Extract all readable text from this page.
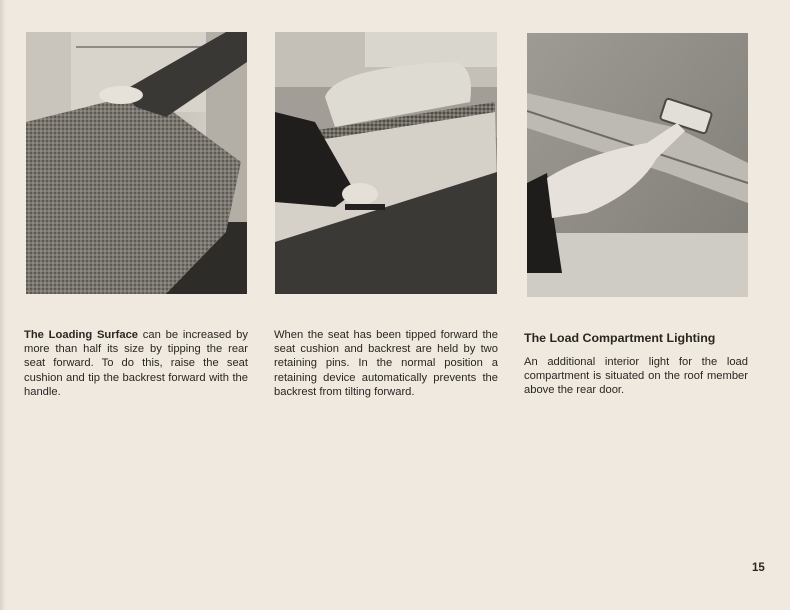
The Loading Surface can be increased by more than half its size by tipping the rear seat forward. To do this, raise the seat cushion and tip the backrest forward with the handle.
When the seat has been tipped forward the seat cushion and backrest are held by two retaining pins. In the normal position a retaining device automatically prevents the backrest from tilting forward.
The Load Compartment Lighting
An additional interior light for the load compartment is situated on the roof member above the rear door.
15
